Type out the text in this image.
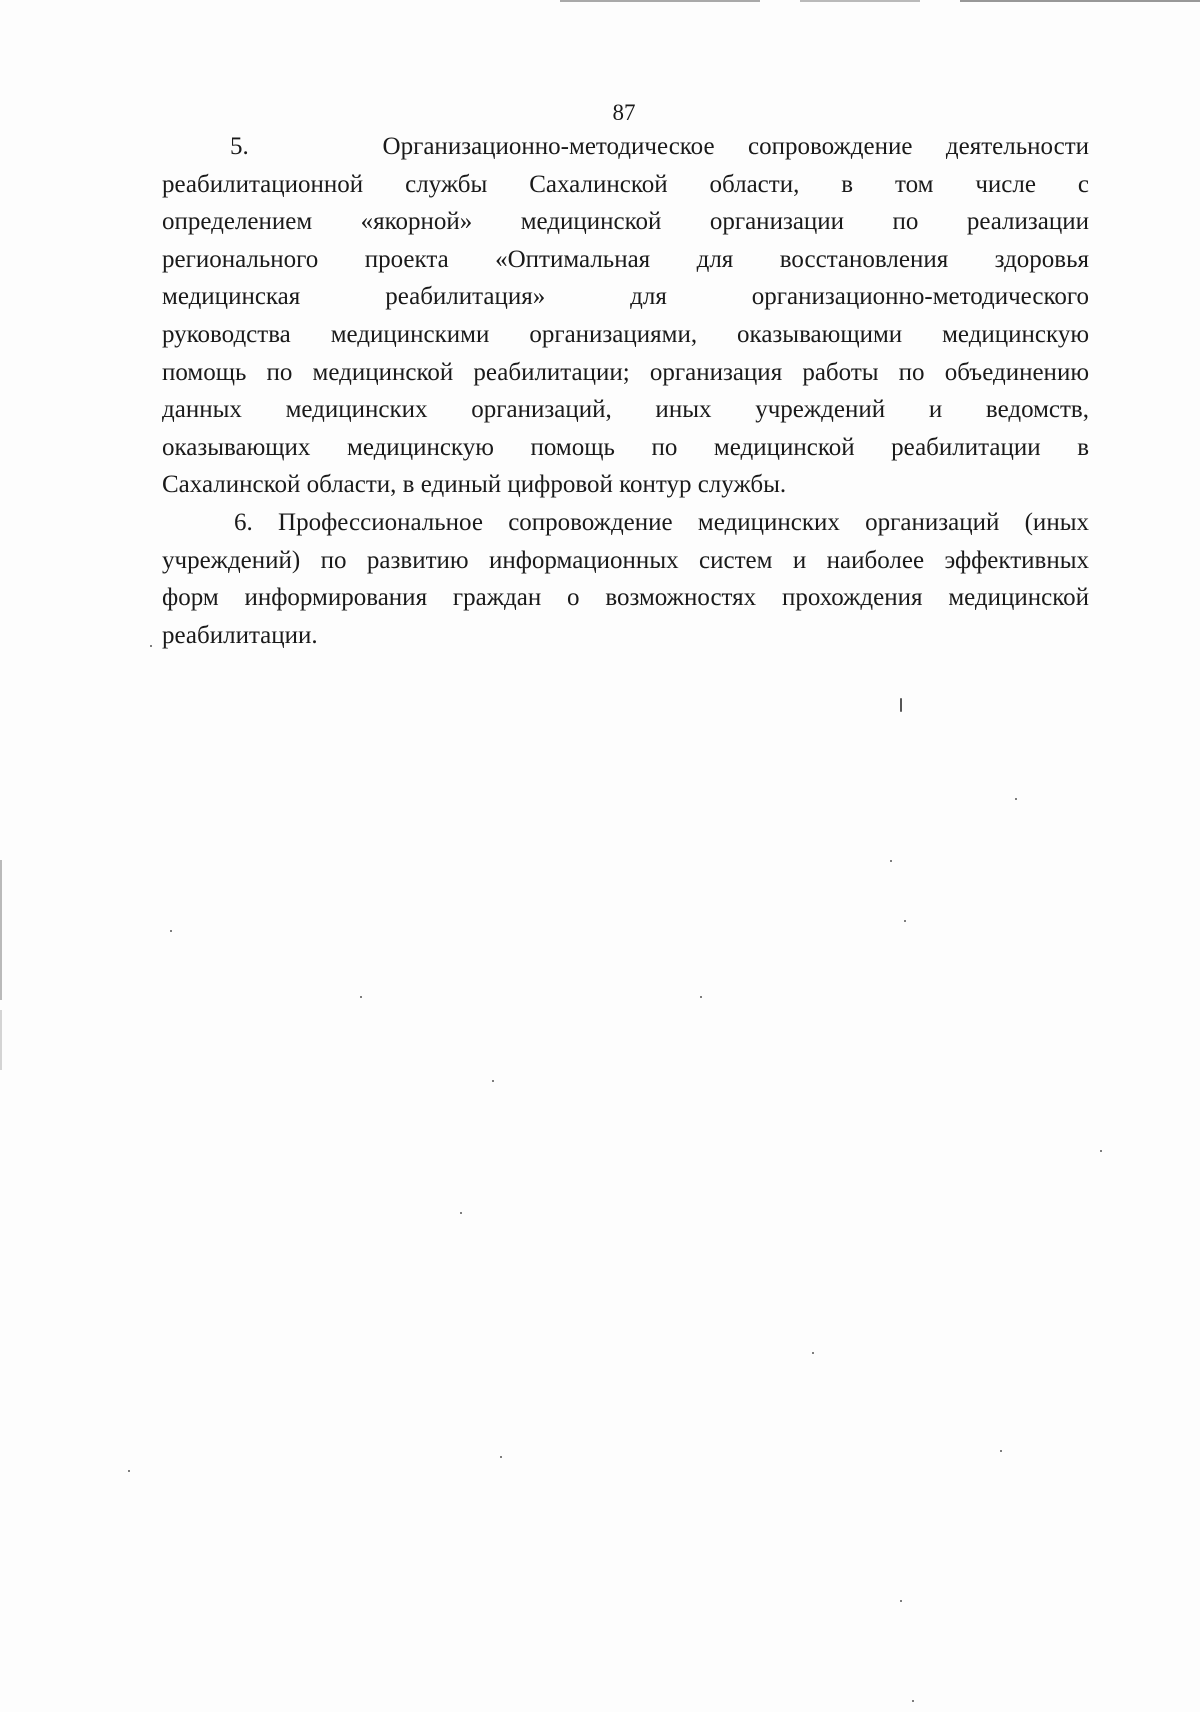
87
5.    Организационно-методическое сопровождение деятельности
реабилитационной службы Сахалинской области, в том числе с
определением «якорной» медицинской организации по реализации
регионального проекта «Оптимальная для восстановления здоровья
медицинская реабилитация» для организационно-методического
руководства медицинскими организациями, оказывающими медицинскую
помощь по медицинской реабилитации; организация работы по объединению
данных медицинских организаций, иных учреждений и ведомств,
оказывающих медицинскую помощь по медицинской реабилитации в
Сахалинской области, в единый цифровой контур службы.
6. Профессиональное сопровождение медицинских организаций (иных
учреждений) по развитию информационных систем и наиболее эффективных
форм информирования граждан о возможностях прохождения медицинской
реабилитации.
